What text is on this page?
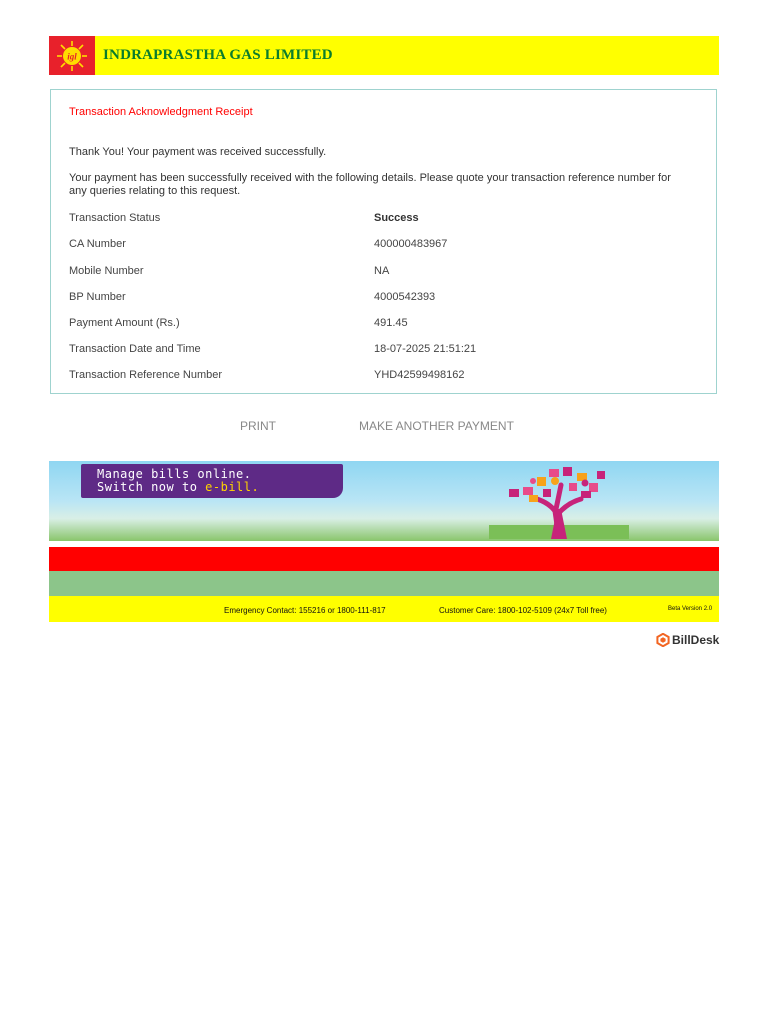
igl INDRAPRASTHA GAS LIMITED
Transaction Acknowledgment Receipt
Thank You! Your payment was received successfully.
Your payment has been successfully received with the following details. Please quote your transaction reference number for
any queries relating to this request.
Transaction Status	Success
CA Number	400000483967
Mobile Number	NA
BP Number	4000542393
Payment Amount (Rs.)	491.45
Transaction Date and Time	18-07-2025 21:51:21
Transaction Reference Number	YHD42599498162
PRINT	MAKE ANOTHER PAYMENT
Manage bills online.
Switch now to e-bill.
Emergency Contact: 155216 or 1800-111-817	Customer Care: 1800-102-5109 (24x7 Toll free)	Beta Version 2.0
BillDesk
